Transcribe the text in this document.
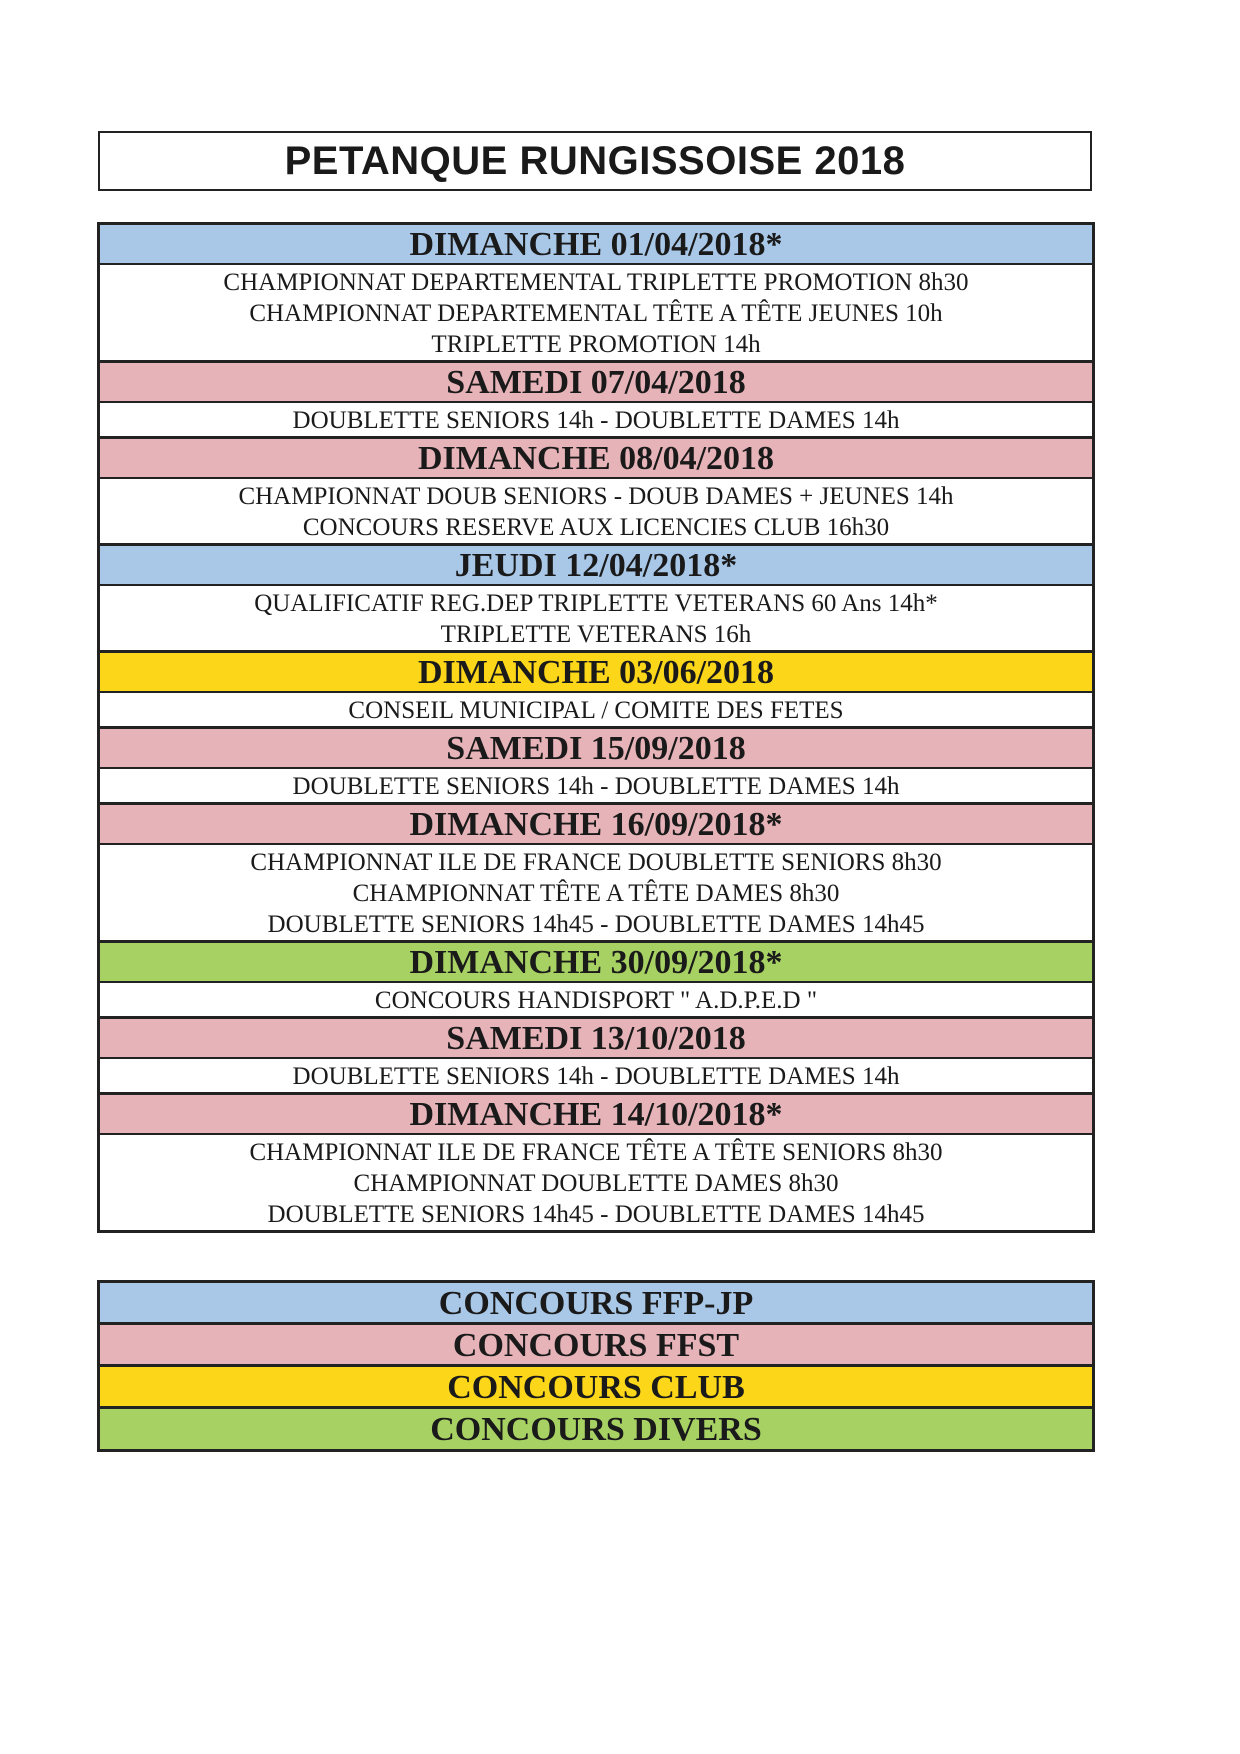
PETANQUE RUNGISSOISE 2018
DIMANCHE 01/04/2018*
CHAMPIONNAT DEPARTEMENTAL TRIPLETTE PROMOTION 8h30
CHAMPIONNAT DEPARTEMENTAL TÊTE A TÊTE JEUNES 10h
TRIPLETTE PROMOTION 14h
SAMEDI 07/04/2018
DOUBLETTE SENIORS 14h - DOUBLETTE DAMES 14h
DIMANCHE 08/04/2018
CHAMPIONNAT DOUB SENIORS - DOUB DAMES + JEUNES 14h
CONCOURS RESERVE AUX LICENCIES CLUB 16h30
JEUDI 12/04/2018*
QUALIFICATIF REG.DEP TRIPLETTE VETERANS 60 Ans 14h*
TRIPLETTE VETERANS 16h
DIMANCHE 03/06/2018
CONSEIL MUNICIPAL / COMITE DES FETES
SAMEDI 15/09/2018
DOUBLETTE SENIORS 14h - DOUBLETTE DAMES 14h
DIMANCHE 16/09/2018*
CHAMPIONNAT ILE DE FRANCE DOUBLETTE SENIORS 8h30
CHAMPIONNAT TÊTE A TÊTE DAMES 8h30
DOUBLETTE SENIORS 14h45 - DOUBLETTE DAMES 14h45
DIMANCHE 30/09/2018*
CONCOURS HANDISPORT " A.D.P.E.D "
SAMEDI 13/10/2018
DOUBLETTE SENIORS 14h - DOUBLETTE DAMES 14h
DIMANCHE 14/10/2018*
CHAMPIONNAT ILE DE FRANCE TÊTE A TÊTE SENIORS 8h30
CHAMPIONNAT DOUBLETTE DAMES 8h30
DOUBLETTE SENIORS 14h45 - DOUBLETTE DAMES 14h45
CONCOURS FFP-JP
CONCOURS FFST
CONCOURS CLUB
CONCOURS DIVERS
